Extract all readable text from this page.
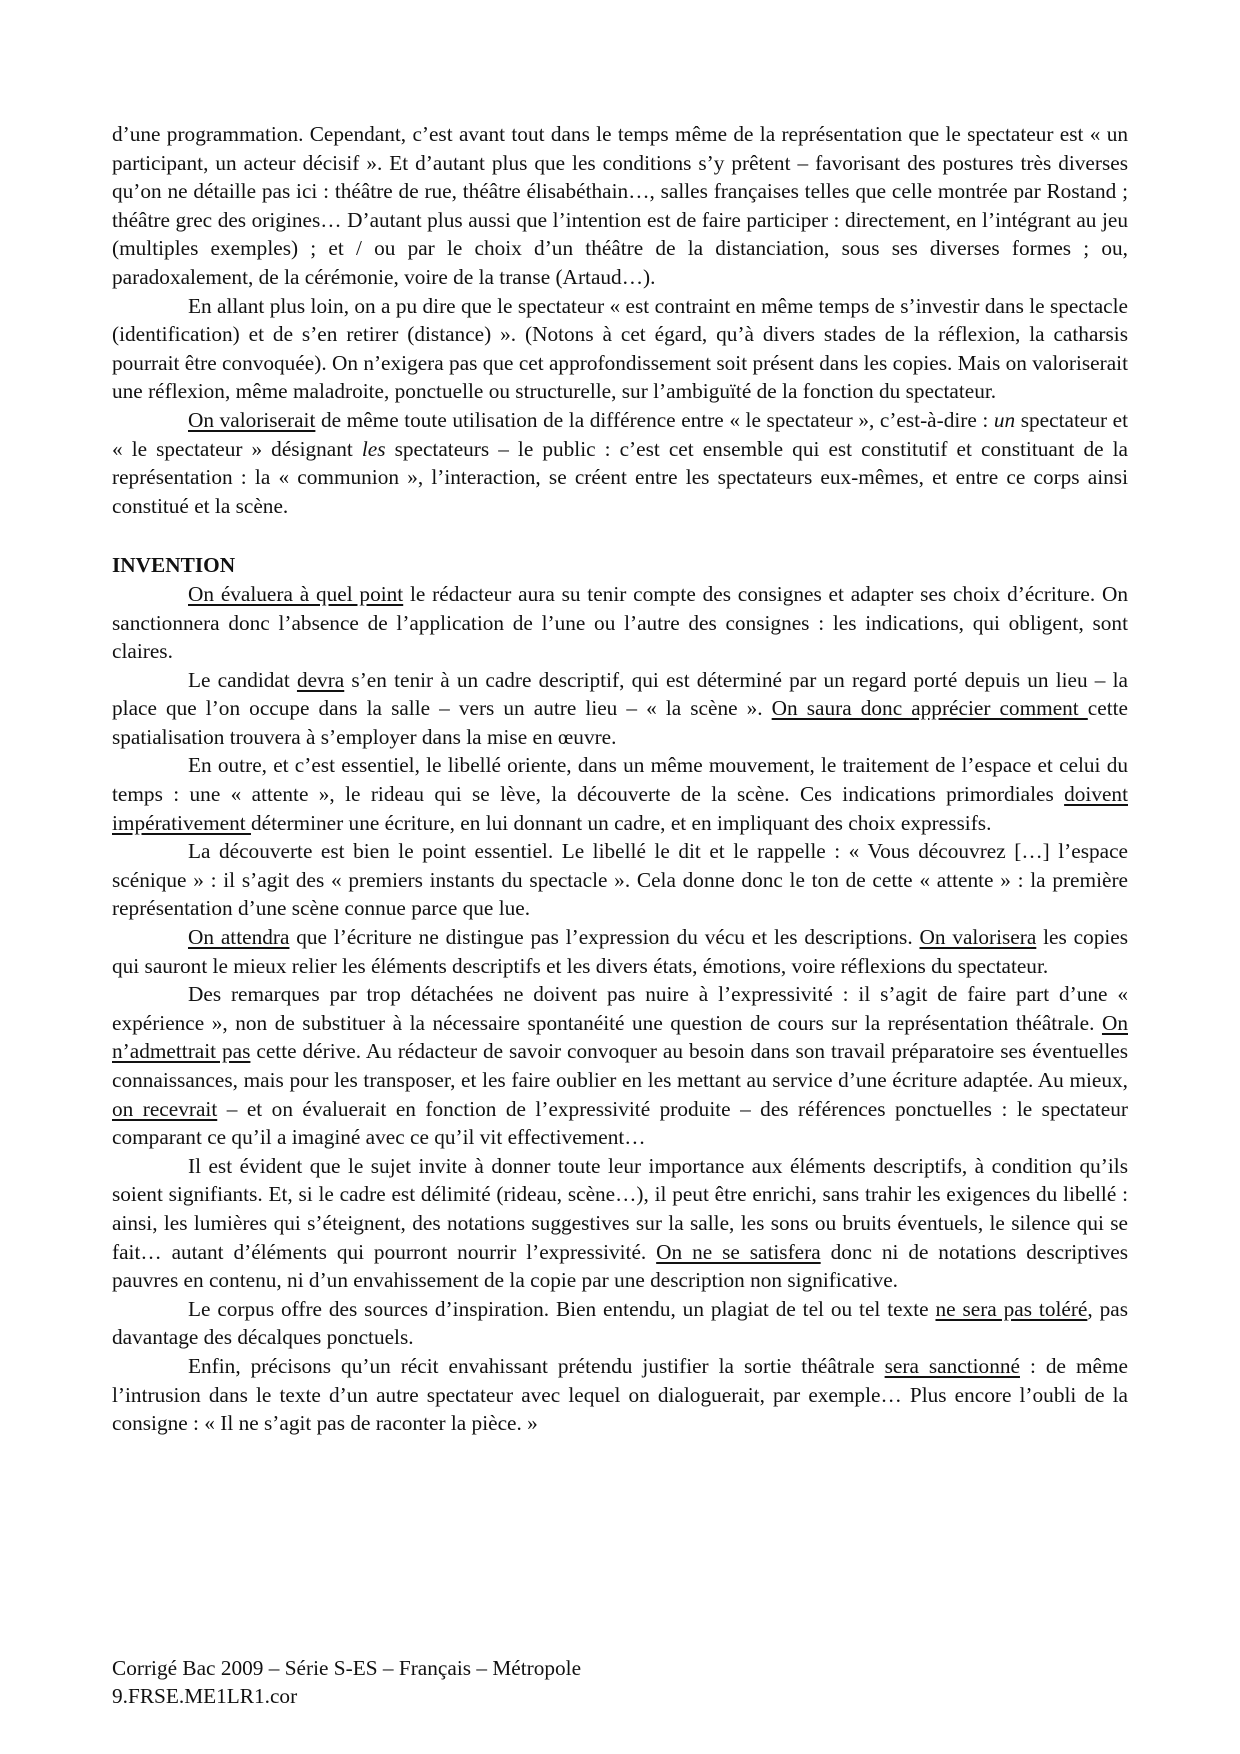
d’une programmation. Cependant, c’est avant tout dans le temps même de la représentation que le spectateur est « un participant, un acteur décisif ». Et d’autant plus que les conditions s’y prêtent – favorisant des postures très diverses qu’on ne détaille pas ici : théâtre de rue, théâtre élisabéthain…, salles françaises telles que celle montrée par Rostand ; théâtre grec des origines… D’autant plus aussi que l’intention est de faire participer : directement, en l’intégrant au jeu (multiples exemples) ; et / ou par le choix d’un théâtre de la distanciation, sous ses diverses formes ; ou, paradoxalement, de la cérémonie, voire de la transe (Artaud…).

En allant plus loin, on a pu dire que le spectateur « est contraint en même temps de s’investir dans le spectacle (identification) et de s’en retirer (distance) ». (Notons à cet égard, qu’à divers stades de la réflexion, la catharsis pourrait être convoquée). On n’exigera pas que cet approfondissement soit présent dans les copies. Mais on valoriserait une réflexion, même maladroite, ponctuelle ou structurelle, sur l’ambiguïté de la fonction du spectateur.

On valoriserait de même toute utilisation de la différence entre « le spectateur », c’est-à-dire : un spectateur et « le spectateur » désignant les spectateurs – le public : c’est cet ensemble qui est constitutif et constituant de la représentation : la « communion », l’interaction, se créent entre les spectateurs eux-mêmes, et entre ce corps ainsi constitué et la scène.

INVENTION

On évaluera à quel point le rédacteur aura su tenir compte des consignes et adapter ses choix d’écriture. On sanctionnera donc l’absence de l’application de l’une ou l’autre des consignes : les indications, qui obligent, sont claires.

Le candidat devra s’en tenir à un cadre descriptif, qui est déterminé par un regard porté depuis un lieu – la place que l’on occupe dans la salle – vers un autre lieu – « la scène ». On saura donc apprécier comment cette spatialisation trouvera à s’employer dans la mise en œuvre.

En outre, et c’est essentiel, le libellé oriente, dans un même mouvement, le traitement de l’espace et celui du temps : une « attente », le rideau qui se lève, la découverte de la scène. Ces indications primordiales doivent impérativement déterminer une écriture, en lui donnant un cadre, et en impliquant des choix expressifs.

La découverte est bien le point essentiel. Le libellé le dit et le rappelle : « Vous découvrez […] l’espace scénique » : il s’agit des « premiers instants du spectacle ». Cela donne donc le ton de cette « attente » : la première représentation d’une scène connue parce que lue.

On attendra que l’écriture ne distingue pas l’expression du vécu et les descriptions. On valorisera les copies qui sauront le mieux relier les éléments descriptifs et les divers états, émotions, voire réflexions du spectateur.

Des remarques par trop détachées ne doivent pas nuire à l’expressivité : il s’agit de faire part d’une « expérience », non de substituer à la nécessaire spontanéité une question de cours sur la représentation théâtrale. On n’admettrait pas cette dérive. Au rédacteur de savoir convoquer au besoin dans son travail préparatoire ses éventuelles connaissances, mais pour les transposer, et les faire oublier en les mettant au service d’une écriture adaptée. Au mieux, on recevrait – et on évaluerait en fonction de l’expressivité produite – des références ponctuelles : le spectateur comparant ce qu’il a imaginé avec ce qu’il vit effectivement…

Il est évident que le sujet invite à donner toute leur importance aux éléments descriptifs, à condition qu’ils soient signifiants. Et, si le cadre est délimité (rideau, scène…), il peut être enrichi, sans trahir les exigences du libellé : ainsi, les lumières qui s’éteignent, des notations suggestives sur la salle, les sons ou bruits éventuels, le silence qui se fait… autant d’éléments qui pourront nourrir l’expressivité. On ne se satisfera donc ni de notations descriptives pauvres en contenu, ni d’un envahissement de la copie par une description non significative.

Le corpus offre des sources d’inspiration. Bien entendu, un plagiat de tel ou tel texte ne sera pas toléré, pas davantage des décalques ponctuels.

Enfin, précisons qu’un récit envahissant prétendu justifier la sortie théâtrale sera sanctionné : de même l’intrusion dans le texte d’un autre spectateur avec lequel on dialoguerait, par exemple… Plus encore l’oubli de la consigne : « Il ne s’agit pas de raconter la pièce. »

Corrigé Bac 2009 – Série S-ES – Français – Métropole
9.FRSE.ME1LR1.cor
